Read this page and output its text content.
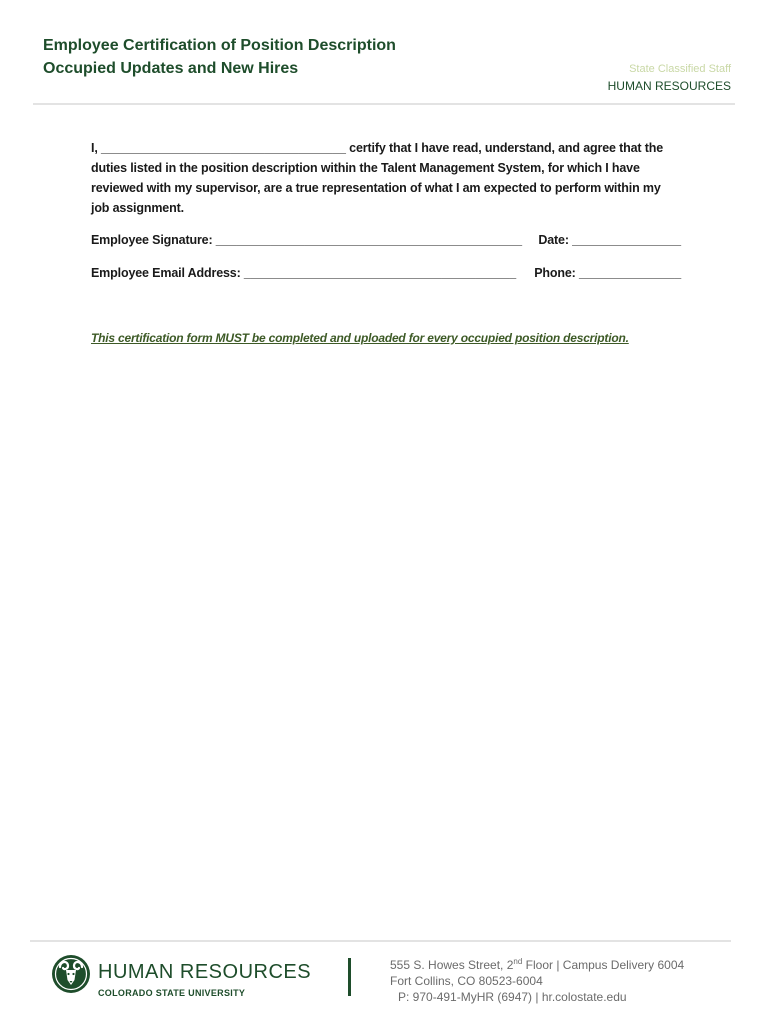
Employee Certification of Position Description
Occupied Updates and New Hires	State Classified Staff
HUMAN RESOURCES

I, ____________________________________ certify that I have read, understand, and agree that the duties listed in the position description within the Talent Management System, for which I have reviewed with my supervisor, are a true representation of what I am expected to perform within my job assignment.

Employee Signature: _____________________________________________ Date: ________________
Employee Email Address: ________________________________________ Phone: _______________

This certification form MUST be completed and uploaded for every occupied position description.

HUMAN RESOURCES
COLORADO STATE UNIVERSITY
555 S. Howes Street, 2nd Floor | Campus Delivery 6004
Fort Collins, CO 80523-6004
P: 970-491-MyHR (6947) | hr.colostate.edu
